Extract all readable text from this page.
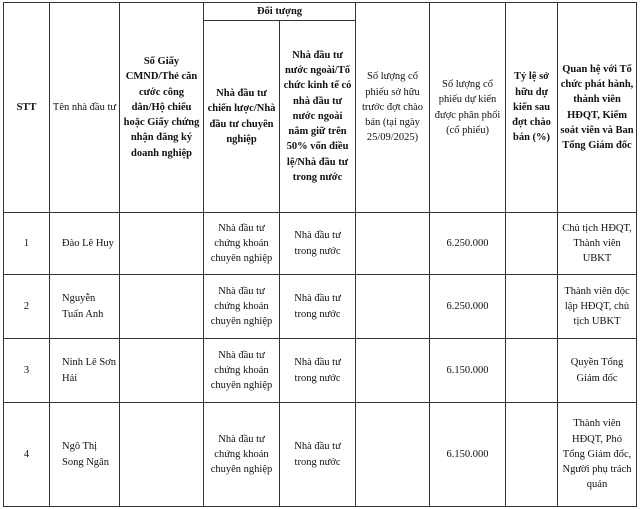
STT	Tên nhà đầu tư	Số Giấy CMND/Thẻ căn cước công dân/Hộ chiếu hoặc Giấy chứng nhận đăng ký doanh nghiệp	Đối tượng		Số lượng cổ phiếu sở hữu trước đợt chào bán (tại ngày 25/09/2025)	Số lượng cổ phiếu dự kiến được phân phối (cổ phiếu)	Tỷ lệ sở hữu dự kiến sau đợt chào bán (%)	Quan hệ với Tổ chức phát hành, thành viên HĐQT, Kiểm soát viên và Ban Tổng Giám đốc
			Nhà đầu tư chiến lược/Nhà đầu tư chuyên nghiệp	Nhà đầu tư nước ngoài/Tổ chức kinh tế có nhà đầu tư nước ngoài nắm giữ trên 50% vốn điều lệ/Nhà đầu tư trong nước				
1	Đào Lê Huy		Nhà đầu tư chứng khoán chuyên nghiệp	Nhà đầu tư trong nước		6.250.000		Chủ tịch HĐQT, Thành viên UBKT
2	Nguyễn Tuấn Anh		Nhà đầu tư chứng khoán chuyên nghiệp	Nhà đầu tư trong nước		6.250.000		Thành viên độc lập HĐQT, chủ tịch UBKT
3	Ninh Lê Sơn Hải		Nhà đầu tư chứng khoán chuyên nghiệp	Nhà đầu tư trong nước		6.150.000		Quyền Tổng Giám đốc
4	Ngô Thị Song Ngân		Nhà đầu tư chứng khoán chuyên nghiệp	Nhà đầu tư trong nước		6.150.000		Thành viên HĐQT, Phó Tổng Giám đốc, Người phụ trách quản
